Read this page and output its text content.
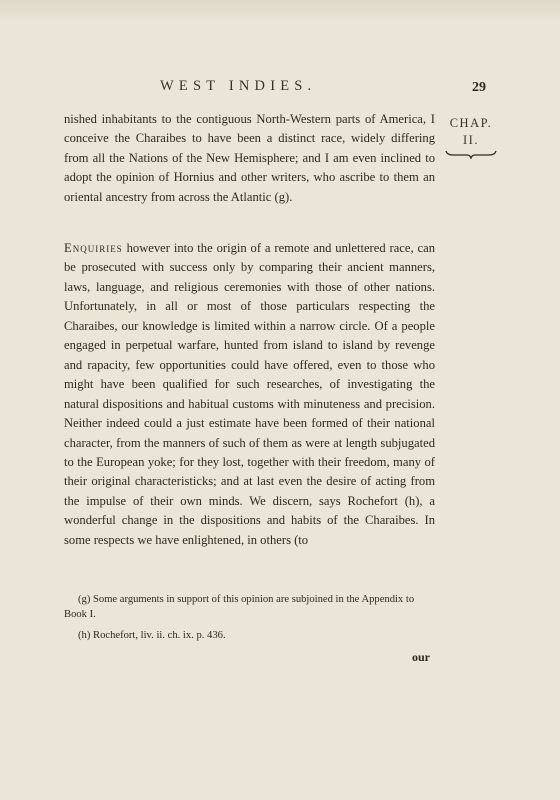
WEST INDIES.	29
CHAP.
II.

nished inhabitants to the contiguous North-Western parts of America, I conceive the Charaibes to have been a distinct race, widely differing from all the Nations of the New Hemisphere; and I am even inclined to adopt the opinion of Hornius and other writers, who ascribe to them an oriental ancestry from across the Atlantic (g).

Enquiries however into the origin of a remote and unlettered race, can be prosecuted with success only by comparing their ancient manners, laws, language, and religious ceremonies with those of other nations. Unfortunately, in all or most of those particulars respecting the Charaibes, our knowledge is limited within a narrow circle. Of a people engaged in perpetual warfare, hunted from island to island by revenge and rapacity, few opportunities could have offered, even to those who might have been qualified for such researches, of investigating the natural dispositions and habitual customs with minuteness and precision. Neither indeed could a just estimate have been formed of their national character, from the manners of such of them as were at length subjugated to the European yoke; for they lost, together with their freedom, many of their original characteristicks; and at last even the desire of acting from the impulse of their own minds. We discern, says Rochefort (h), a wonderful change in the dispositions and habits of the Charaibes. In some respects we have enlightened, in others (to

(g) Some arguments in support of this opinion are subjoined in the Appendix to Book I.

(h) Rochefort, liv. ii. ch. ix. p. 436.

our
